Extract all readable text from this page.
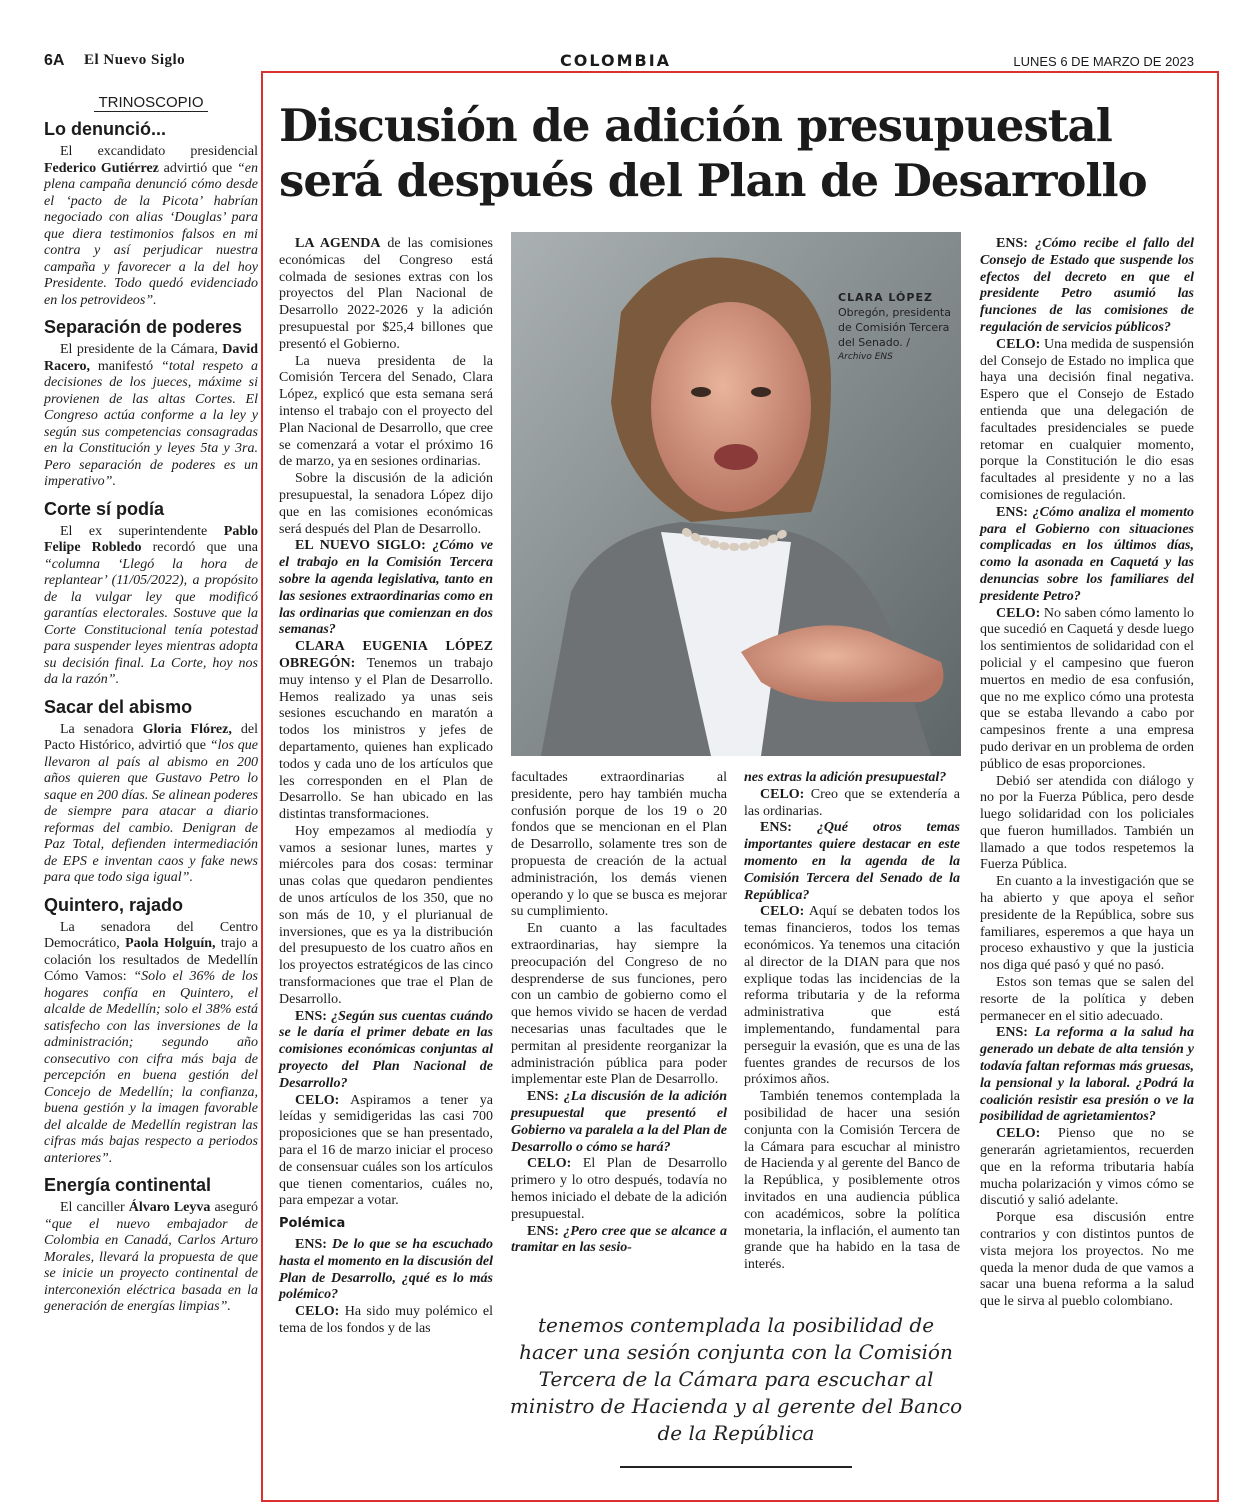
6A El Nuevo Siglo	COLOMBIA	LUNES 6 DE MARZO DE 2023
TRINOSCOPIO
Lo denunció...

El excandidato presidencial Federico Gutiérrez advirtió que “en plena campaña denunció cómo desde el ‘pacto de la Picota’ habrían negociado con alias ‘Douglas’ para que diera testimonios falsos en mi contra y así perjudicar nuestra campaña y favorecer a la del hoy Presidente. Todo quedó evidenciado en los petrovideos”.

Separación de poderes

El presidente de la Cámara, David Racero, manifestó “total respeto a decisiones de los jueces, máxime si provienen de las altas Cortes. El Congreso actúa conforme a la ley y según sus competencias consagradas en la Constitución y leyes 5ta y 3ra. Pero separación de poderes es un imperativo”.

Corte sí podía

El ex superintendente Pablo Felipe Robledo recordó que una “columna ‘Llegó la hora de replantear’ (11/05/2022), a propósito de la vulgar ley que modificó garantías electorales. Sostuve que la Corte Constitucional tenía potestad para suspender leyes mientras adopta su decisión final. La Corte, hoy nos da la razón”.

Sacar del abismo

La senadora Gloria Flórez, del Pacto Histórico, advirtió que “los que llevaron al país al abismo en 200 años quieren que Gustavo Petro lo saque en 200 días. Se alinean poderes de siempre para atacar a diario reformas del cambio. Denigran de Paz Total, defienden intermediación de EPS e inventan caos y fake news para que todo siga igual”.

Quintero, rajado

La senadora del Centro Democrático, Paola Holguín, trajo a colación los resultados de Medellín Cómo Vamos: “Solo el 36% de los hogares confía en Quintero, el alcalde de Medellín; solo el 38% está satisfecho con las inversiones de la administración; segundo año consecutivo con cifra más baja de percepción en buena gestión del Concejo de Medellín; la confianza, buena gestión y la imagen favorable del alcalde de Medellín registran las cifras más bajas respecto a periodos anteriores”.

Energía continental

El canciller Álvaro Leyva aseguró “que el nuevo embajador de Colombia en Canadá, Carlos Arturo Morales, llevará la propuesta de que se inicie un proyecto continental de interconexión eléctrica basada en la generación de energías limpias”.

Discusión de adición presupuestal será después del Plan de Desarrollo

LA AGENDA de las comisiones económicas del Congreso está colmada de sesiones extras con los proyectos del Plan Nacional de Desarrollo 2022-2026 y la adición presupuestal por $25,4 billones que presentó el Gobierno.

La nueva presidenta de la Comisión Tercera del Senado, Clara López, explicó que esta semana será intenso el trabajo con el proyecto del Plan Nacional de Desarrollo, que cree se comenzará a votar el próximo 16 de marzo, ya en sesiones ordinarias.

Sobre la discusión de la adición presupuestal, la senadora López dijo que en las comisiones económicas será después del Plan de Desarrollo.

EL NUEVO SIGLO: ¿Cómo ve el trabajo en la Comisión Tercera sobre la agenda legislativa, tanto en las sesiones extraordinarias como en las ordinarias que comienzan en dos semanas?

CLARA EUGENIA LÓPEZ OBREGÓN: Tenemos un trabajo muy intenso y el Plan de Desarrollo. Hemos realizado ya unas seis sesiones escuchando en maratón a todos los ministros y jefes de departamento, quienes han explicado todos y cada uno de los artículos que les corresponden en el Plan de Desarrollo. Se han ubicado en las distintas transformaciones.

Hoy empezamos al mediodía y vamos a sesionar lunes, martes y miércoles para dos cosas: terminar unas colas que quedaron pendientes de unos artículos de los 350, que no son más de 10, y el plurianual de inversiones, que es ya la distribución del presupuesto de los cuatro años en los proyectos estratégicos de las cinco transformaciones que trae el Plan de Desarrollo.

ENS: ¿Según sus cuentas cuándo se le daría el primer debate en las comisiones económicas conjuntas al proyecto del Plan Nacional de Desarrollo?

CELO: Aspiramos a tener ya leídas y semidigeridas las casi 700 proposiciones que se han presentado, para el 16 de marzo iniciar el proceso de consensuar cuáles son los artículos que tienen comentarios, cuáles no, para empezar a votar.

Polémica

ENS: De lo que se ha escuchado hasta el momento en la discusión del Plan de Desarrollo, ¿qué es lo más polémico?

CELO: Ha sido muy polémico el tema de los fondos y de las

CLARA LÓPEZ
Obregón, presidenta de Comisión Tercera del Senado. /
Archivo ENS

facultades extraordinarias al presidente, pero hay también mucha confusión porque de los 19 o 20 fondos que se mencionan en el Plan de Desarrollo, solamente tres son de propuesta de creación de la actual administración, los demás vienen operando y lo que se busca es mejorar su cumplimiento.

En cuanto a las facultades extraordinarias, hay siempre la preocupación del Congreso de no desprenderse de sus funciones, pero con un cambio de gobierno como el que hemos vivido se hacen de verdad necesarias unas facultades que le permitan al presidente reorganizar la administración pública para poder implementar este Plan de Desarrollo.

ENS: ¿La discusión de la adición presupuestal que presentó el Gobierno va paralela a la del Plan de Desarrollo o cómo se hará?

CELO: El Plan de Desarrollo primero y lo otro después, todavía no hemos iniciado el debate de la adición presupuestal.

ENS: ¿Pero cree que se alcance a tramitar en las sesio-

nes extras la adición presupuestal?

CELO: Creo que se extendería a las ordinarias.

ENS: ¿Qué otros temas importantes quiere destacar en este momento en la agenda de la Comisión Tercera del Senado de la República?

CELO: Aquí se debaten todos los temas financieros, todos los temas económicos. Ya tenemos una citación al director de la DIAN para que nos explique todas las incidencias de la reforma tributaria y de la reforma administrativa que está implementando, fundamental para perseguir la evasión, que es una de las fuentes grandes de recursos de los próximos años.

También tenemos contemplada la posibilidad de hacer una sesión conjunta con la Comisión Tercera de la Cámara para escuchar al ministro de Hacienda y al gerente del Banco de la República, y posiblemente otros invitados en una audiencia pública con académicos, sobre la política monetaria, la inflación, el aumento tan grande que ha habido en la tasa de interés.

tenemos contemplada la posibilidad de hacer una sesión conjunta con la Comisión Tercera de la Cámara para escuchar al ministro de Hacienda y al gerente del Banco de la República

ENS: ¿Cómo recibe el fallo del Consejo de Estado que suspende los efectos del decreto en que el presidente Petro asumió las funciones de las comisiones de regulación de servicios públicos?

CELO: Una medida de suspensión del Consejo de Estado no implica que haya una decisión final negativa. Espero que el Consejo de Estado entienda que una delegación de facultades presidenciales se puede retomar en cualquier momento, porque la Constitución le dio esas facultades al presidente y no a las comisiones de regulación.

ENS: ¿Cómo analiza el momento para el Gobierno con situaciones complicadas en los últimos días, como la asonada en Caquetá y las denuncias sobre los familiares del presidente Petro?

CELO: No saben cómo lamento lo que sucedió en Caquetá y desde luego los sentimientos de solidaridad con el policial y el campesino que fueron muertos en medio de esa confusión, que no me explico cómo una protesta que se estaba llevando a cabo por campesinos frente a una empresa pudo derivar en un problema de orden público de esas proporciones.

Debió ser atendida con diálogo y no por la Fuerza Pública, pero desde luego solidaridad con los policiales que fueron humillados. También un llamado a que todos respetemos la Fuerza Pública.

En cuanto a la investigación que se ha abierto y que apoya el señor presidente de la República, sobre sus familiares, esperemos a que haya un proceso exhaustivo y que la justicia nos diga qué pasó y qué no pasó.

Estos son temas que se salen del resorte de la política y deben permanecer en el sitio adecuado.

ENS: La reforma a la salud ha generado un debate de alta tensión y todavía faltan reformas más gruesas, la pensional y la laboral. ¿Podrá la coalición resistir esa presión o ve la posibilidad de agrietamientos?

CELO: Pienso que no se generarán agrietamientos, recuerden que en la reforma tributaria había mucha polarización y vimos cómo se discutió y salió adelante.

Porque esa discusión entre contrarios y con distintos puntos de vista mejora los proyectos. No me queda la menor duda de que vamos a sacar una buena reforma a la salud que le sirva al pueblo colombiano.
